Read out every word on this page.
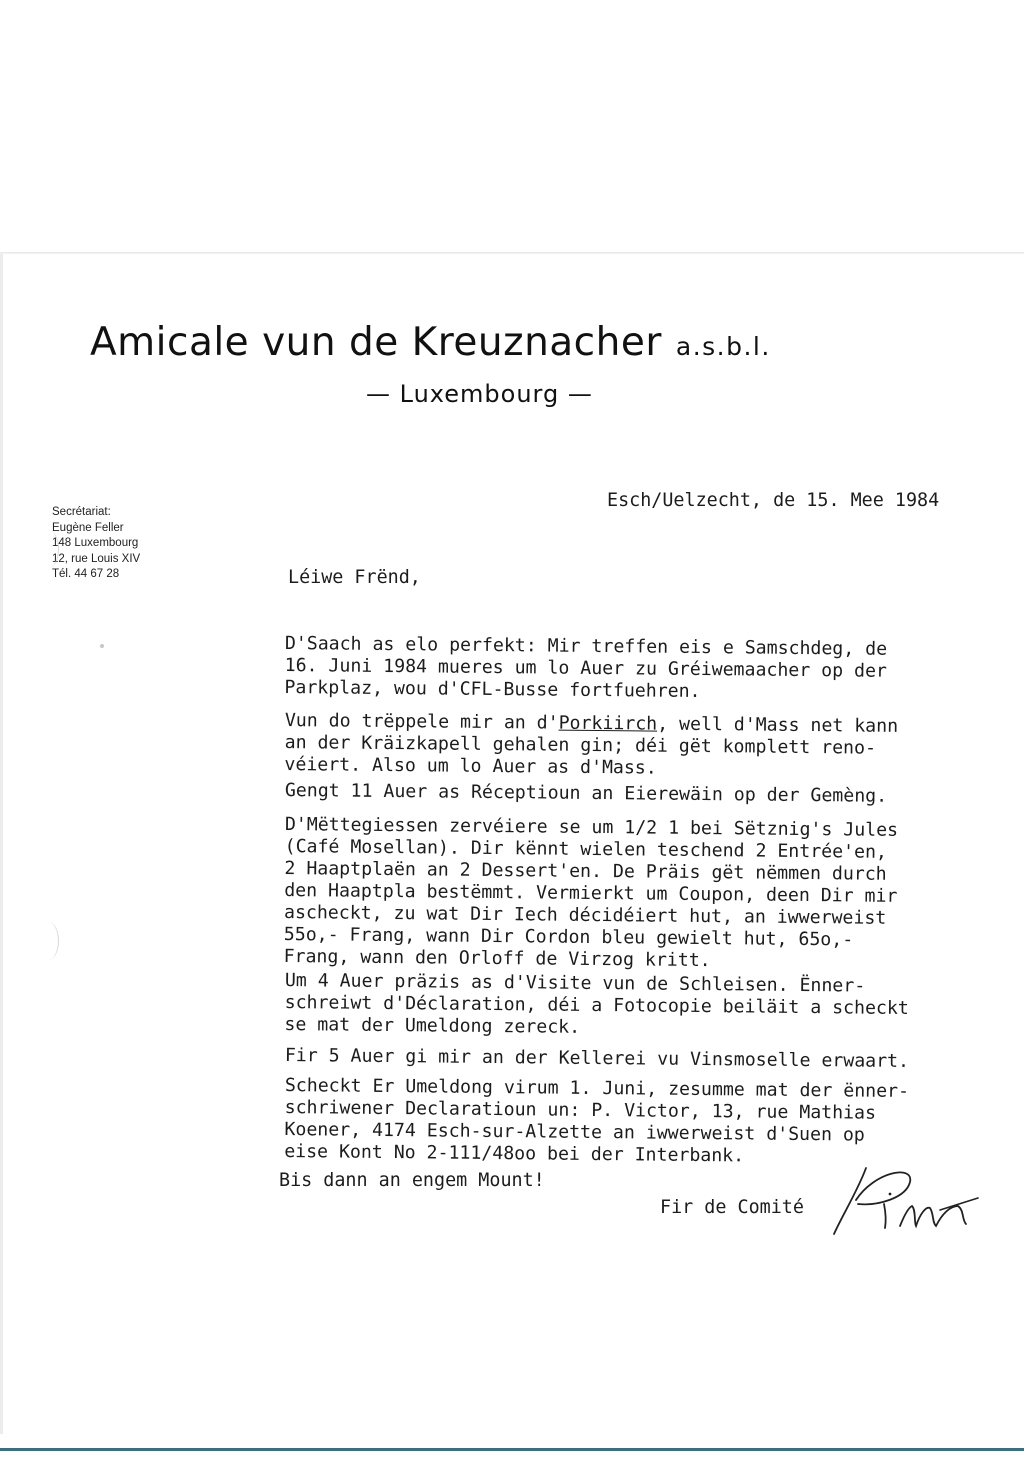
Amicale vun de Kreuznacher a.s.b.l.
— Luxembourg —
Secrétariat:
Eugène Feller
148 Luxembourg
12, rue Louis XIV
Tél. 44 67 28
Esch/Uelzecht, de 15. Mee 1984
Léiwe Frënd,
D'Saach as elo perfekt: Mir treffen eis e Samschdeg, de
16. Juni 1984 mueres um lo Auer zu Gréiwemaacher op der
Parkplaz, wou d'CFL-Busse fortfuehren.
Vun do trëppele mir an d'Porkiirch, well d'Mass net kann
an der Kräizkapell gehalen gin; déi gët komplett reno-
véiert. Also um lo Auer as d'Mass.
Gengt 11 Auer as Réceptioun an Eierewäin op der Gemèng.
D'Mëttegiessen zervéiere se um 1/2 1 bei Sëtznig's Jules
(Café Mosellan). Dir kënnt wielen teschend 2 Entrée'en,
2 Haaptplaën an 2 Dessert'en. De Präis gët nëmmen durch
den Haaptpla bestëmmt. Vermierkt um Coupon, deen Dir mir
ascheckt, zu wat Dir Iech décidéiert hut, an iwwerweist
55o,- Frang, wann Dir Cordon bleu gewielt hut, 65o,-
Frang, wann den Orloff de Virzog kritt.
Um 4 Auer präzis as d'Visite vun de Schleisen. Ënner-
schreiwt d'Déclaration, déi a Fotocopie beiläit a scheckt
se mat der Umeldong zereck.
Fir 5 Auer gi mir an der Kellerei vu Vinsmoselle erwaart.
Scheckt Er Umeldong virum 1. Juni, zesumme mat der ënner-
schriwener Declaratioun un: P. Victor, 13, rue Mathias
Koener, 4174 Esch-sur-Alzette an iwwerweist d'Suen op
eise Kont No 2-111/48oo bei der Interbank.
Bis dann an engem Mount!
Fir de Comité
